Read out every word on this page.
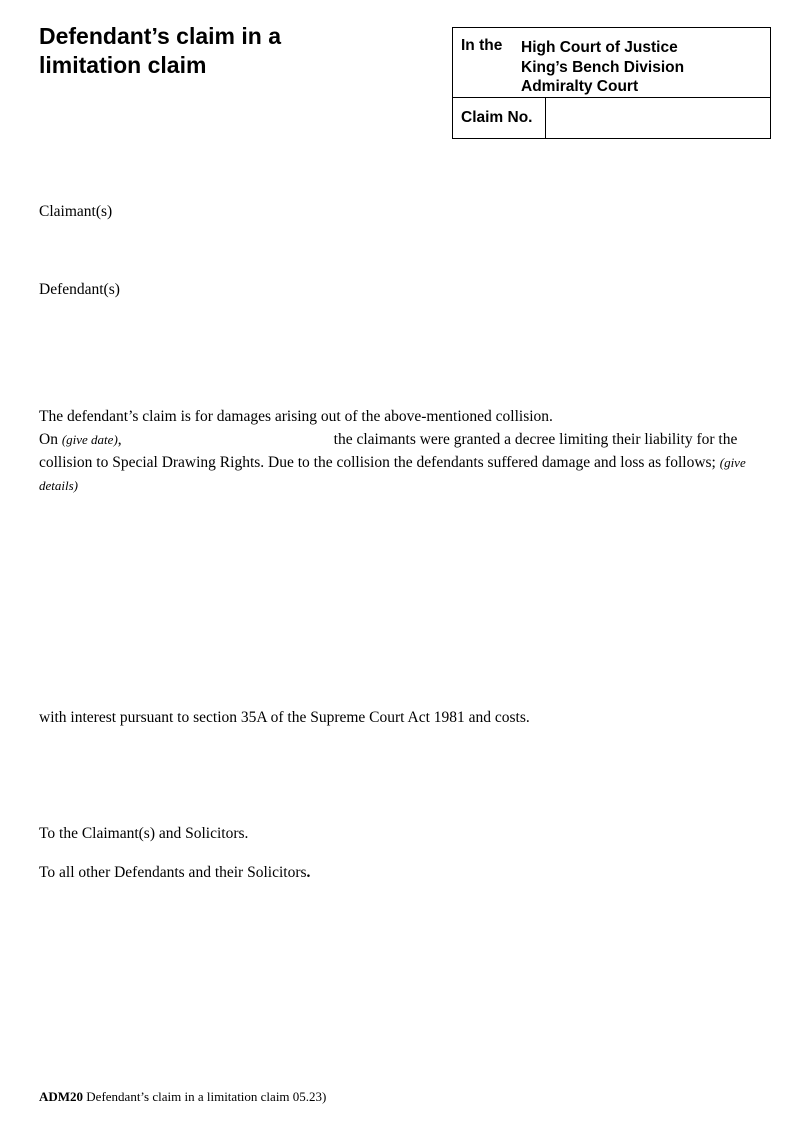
Defendant’s claim in a limitation claim
In the High Court of Justice
King’s Bench Division
Admiralty Court
Claim No.
Claimant(s)
Defendant(s)

The defendant’s claim is for damages arising out of the above-mentioned collision.

On (give date),	the claimants were granted a decree limiting their liability for the collision to Special Drawing Rights. Due to the collision the defendants suffered damage and loss as follows; (give details)

with interest pursuant to section 35A of the Supreme Court Act 1981 and costs.
To the Claimant(s) and Solicitors.
To all other Defendants and their Solicitors.
ADM20 Defendant’s claim in a limitation claim 05.23)
